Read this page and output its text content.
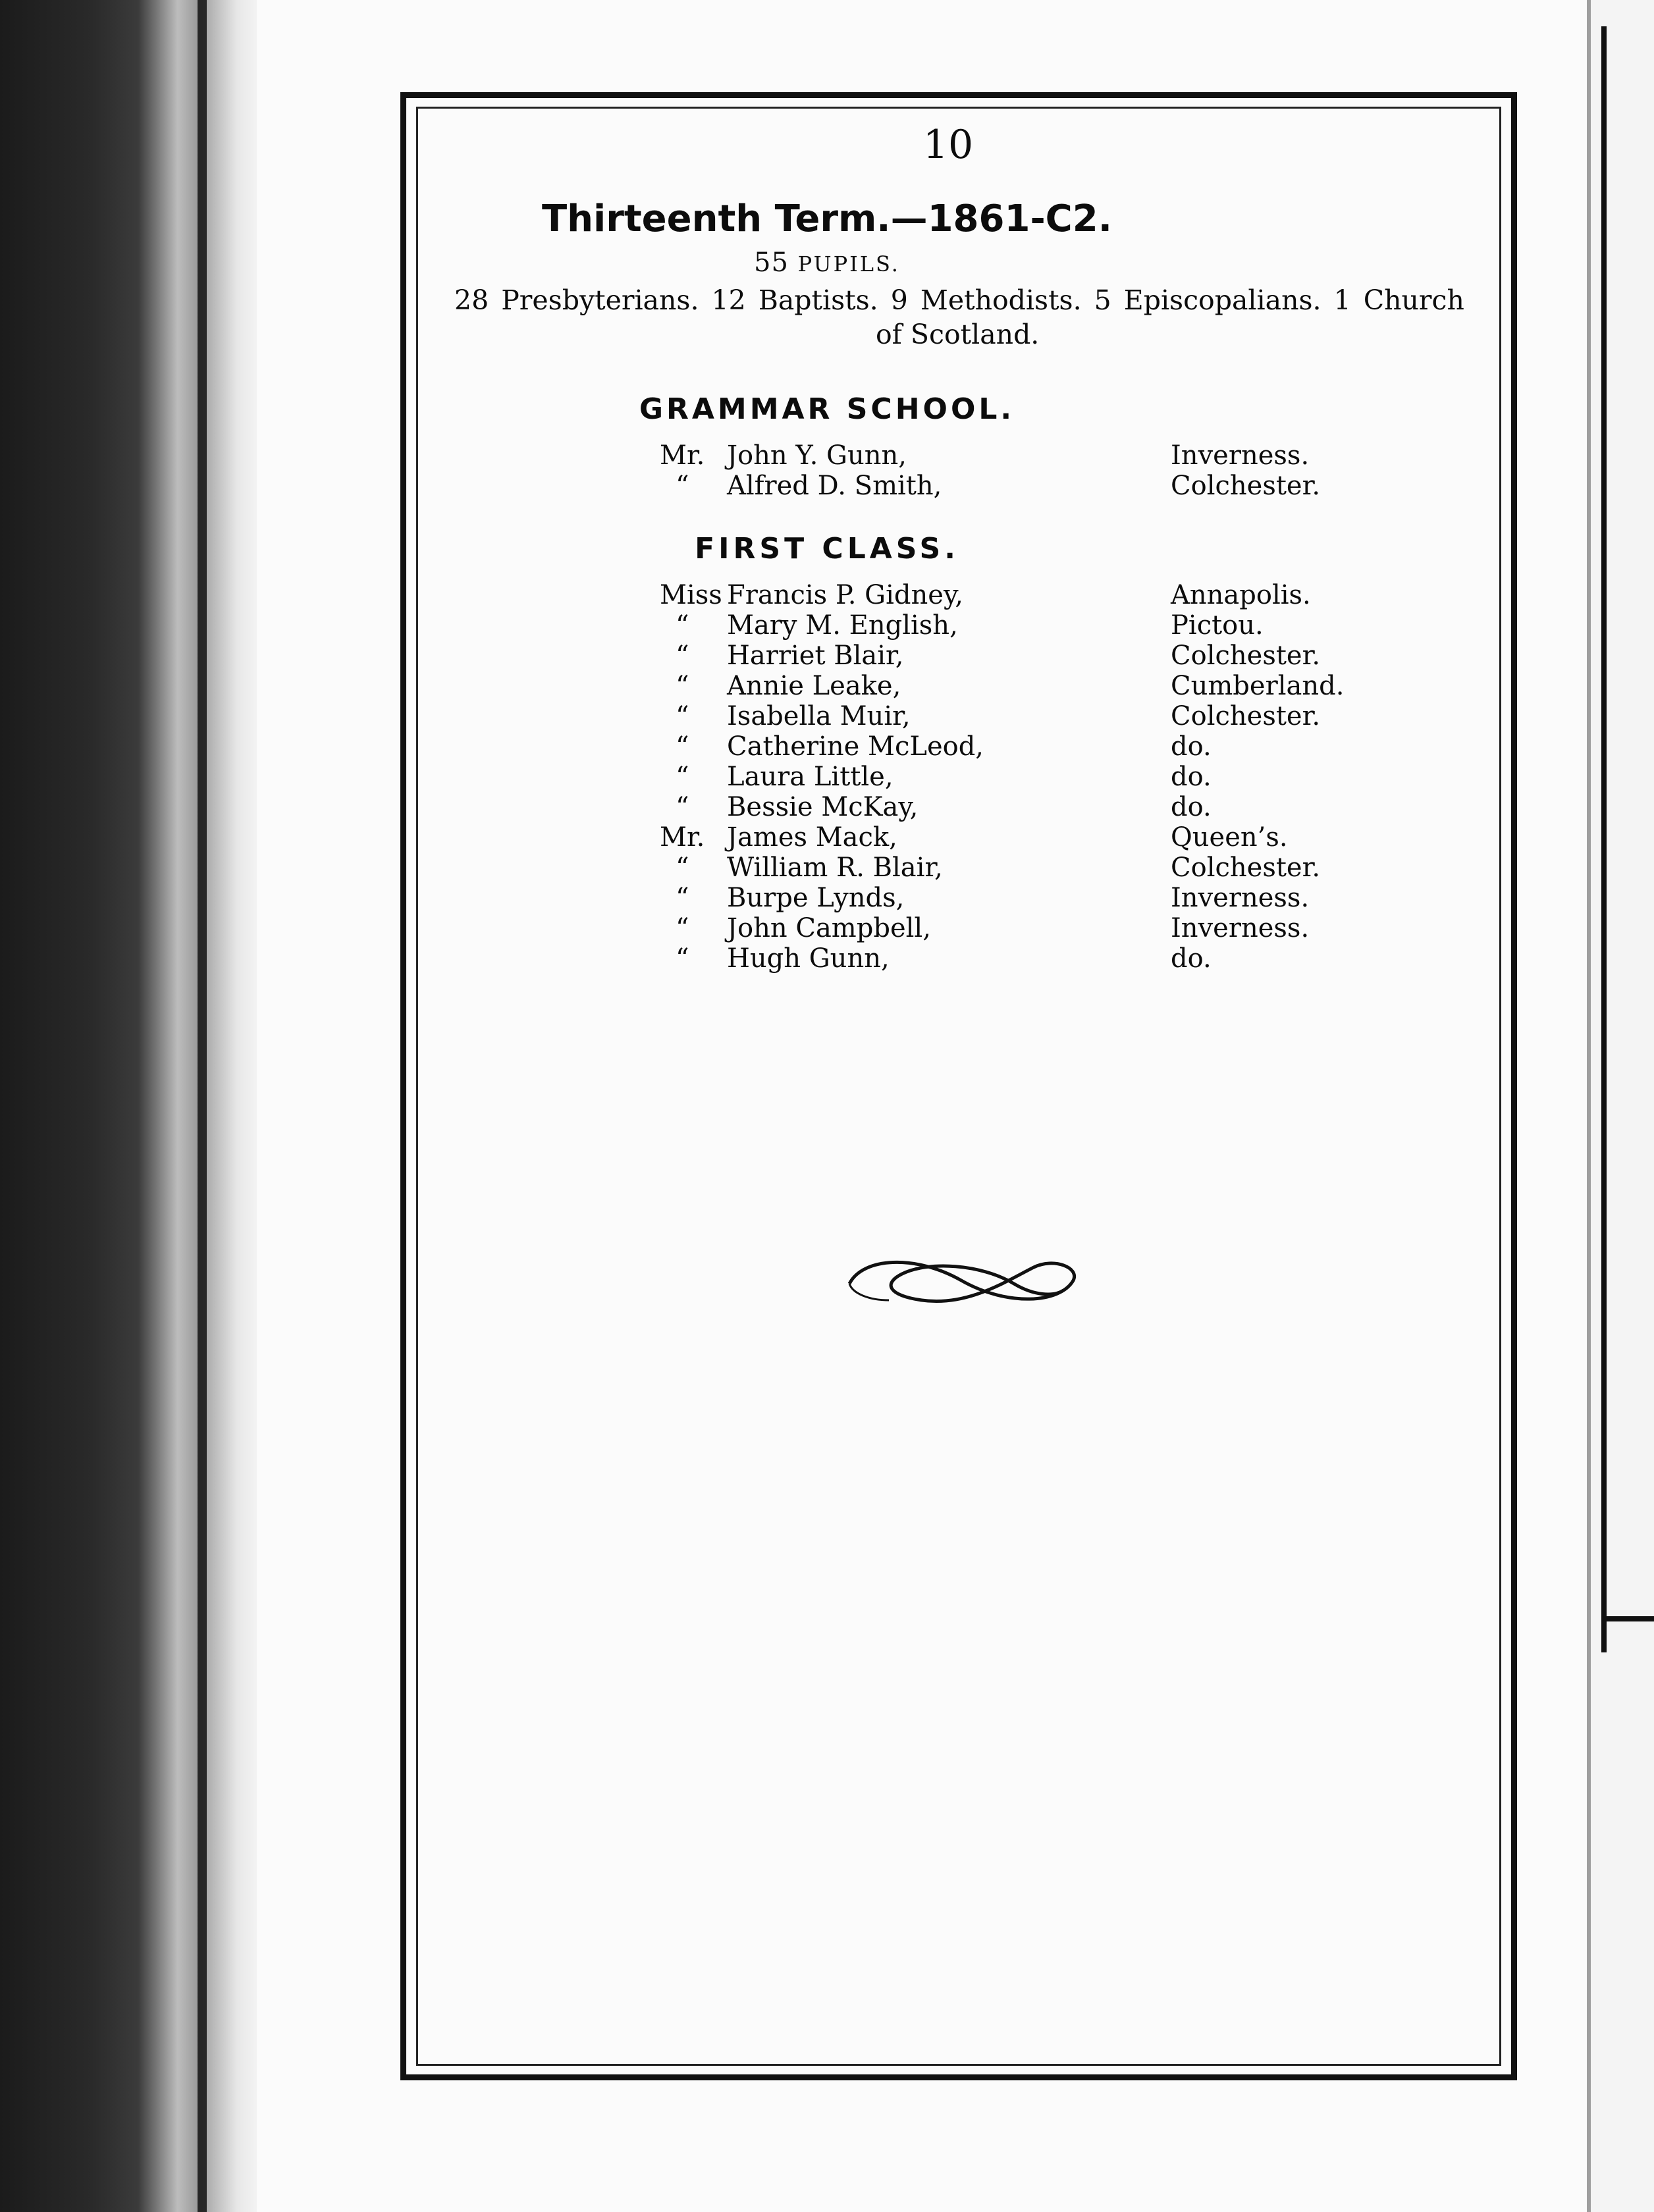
10
Thirteenth Term.—1861-C2.
55 PUPILS.
28 Presbyterians. 12 Baptists. 9 Methodists. 5 Episcopalians. 1 Church
of Scotland.
GRAMMAR SCHOOL.
Mr. John Y. Gunn,	Inverness.
“ Alfred D. Smith,	Colchester.
FIRST CLASS.
Miss Francis P. Gidney,	Annapolis.
“ Mary M. English,	Pictou.
“ Harriet Blair,	Colchester.
“ Annie Leake,	Cumberland.
“ Isabella Muir,	Colchester.
“ Catherine McLeod,	do.
“ Laura Little,	do.
“ Bessie McKay,	do.
Mr. James Mack,	Queen’s.
“ William R. Blair,	Colchester.
“ Burpe Lynds,	Inverness.
“ John Campbell,	Inverness.
“ Hugh Gunn,	do.
